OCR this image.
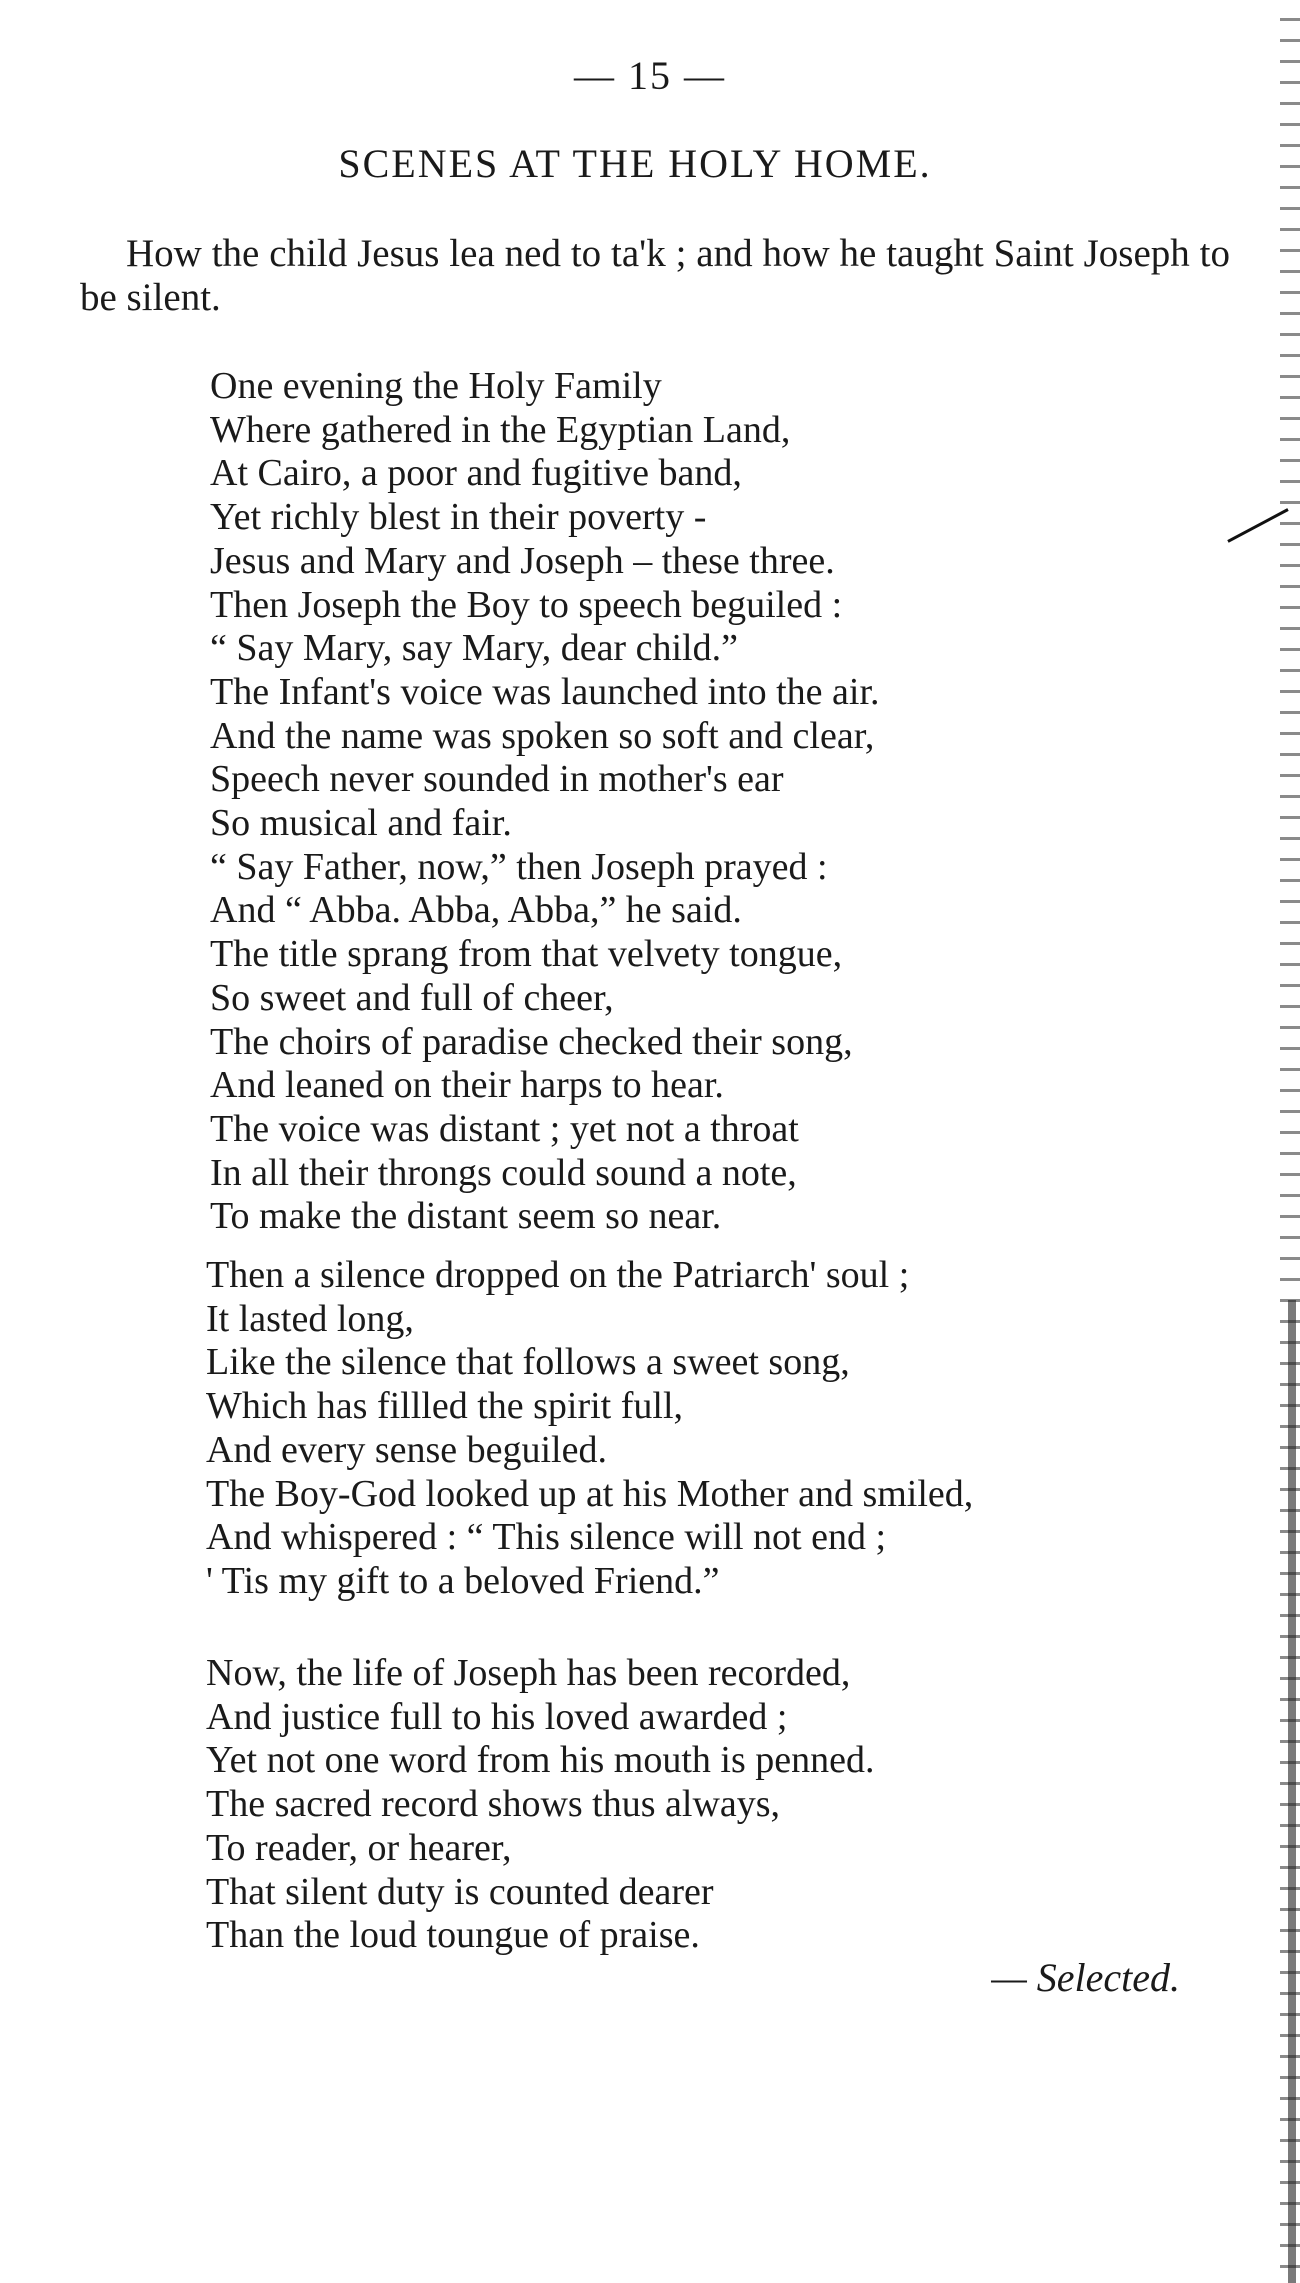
— 15 —
SCENES AT THE HOLY HOME.
How the child Jesus lea ned to ta'k ; and how he taught Saint Joseph to be silent.
One evening the Holy Family
Where gathered in the Egyptian Land,
At Cairo, a poor and fugitive band,
Yet richly blest in their poverty -
Jesus and Mary and Joseph – these three.
Then Joseph the Boy to speech beguiled :
“ Say Mary, say Mary, dear child.”
The Infant's voice was launched into the air.
And the name was spoken so soft and clear,
Speech never sounded in mother's ear
So musical and fair.
“ Say Father, now,” then Joseph prayed :
And “ Abba. Abba, Abba,” he said.
The title sprang from that velvety tongue,
So sweet and full of cheer,
The choirs of paradise checked their song,
And leaned on their harps to hear.
The voice was distant ; yet not a throat
In all their throngs could sound a note,
To make the distant seem so near.
Then a silence dropped on the Patriarch' soul ;
It lasted long,
Like the silence that follows a sweet song,
Which has fillled the spirit full,
And every sense beguiled.
The Boy-God looked up at his Mother and smiled,
And whispered : “ This silence will not end ;
' Tis my gift to a beloved Friend.”
Now, the life of Joseph has been recorded,
And justice full to his loved awarded ;
Yet not one word from his mouth is penned.
The sacred record shows thus always,
To reader, or hearer,
That silent duty is counted dearer
Than the loud toungue of praise.
— Selected.
